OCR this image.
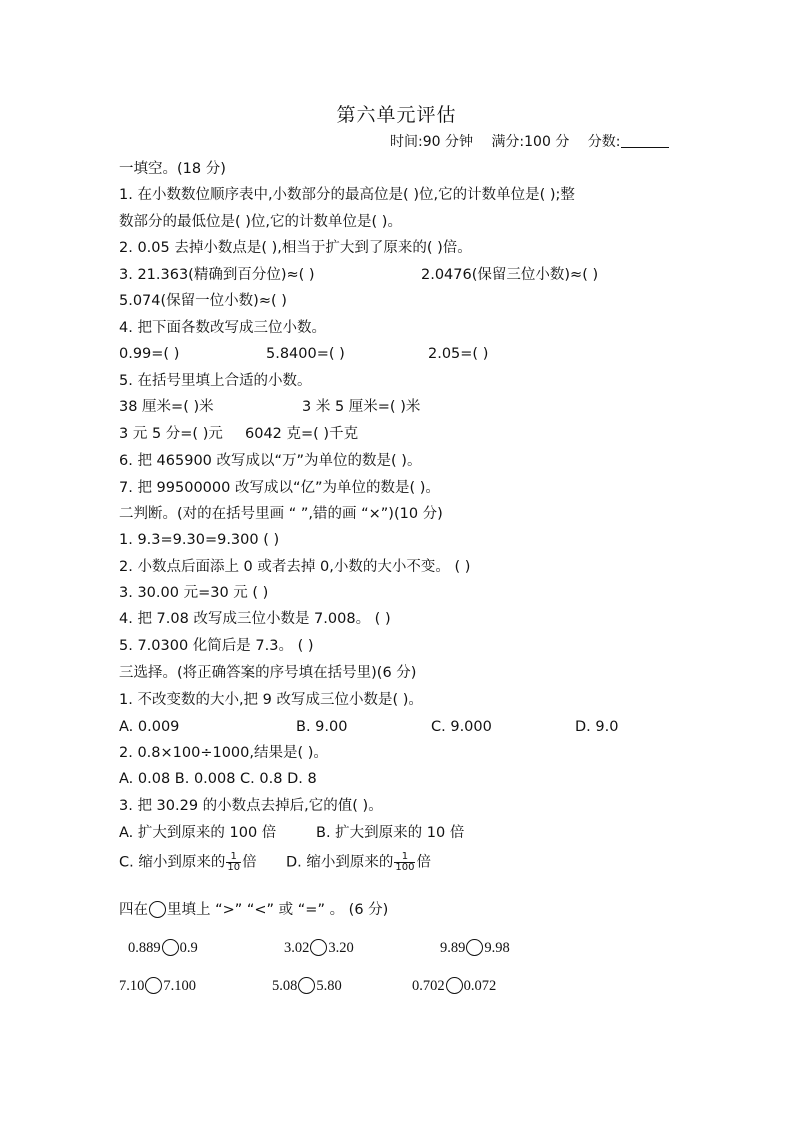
第六单元评估
时间:90 分钟 满分:100 分 分数:
一填空。(18 分)
1. 在小数数位顺序表中,小数部分的最高位是( )位,它的计数单位是( );整
数部分的最低位是( )位,它的计数单位是( )。
2. 0.05 去掉小数点是( ),相当于扩大到了原来的( )倍。
3. 21.363(精确到百分位)≈( )	2.0476(保留三位小数)≈( )
5.074(保留一位小数)≈( )
4. 把下面各数改写成三位小数。
0.99=( )	5.8400=( )	2.05=( )
5. 在括号里填上合适的小数。
38 厘米=( )米	3 米 5 厘米=( )米
3 元 5 分=( )元 6042 克=( )千克
6. 把 465900 改写成以“万”为单位的数是( )。
7. 把 99500000 改写成以“亿”为单位的数是( )。
二判断。(对的在括号里画 “ ”,错的画 “×”)(10 分)
1. 9.3=9.30=9.300 ( )
2. 小数点后面添上 0 或者去掉 0,小数的大小不变。 ( )
3. 30.00 元=30 元 ( )
4. 把 7.08 改写成三位小数是 7.008。 ( )
5. 7.0300 化简后是 7.3。 ( )
三选择。(将正确答案的序号填在括号里)(6 分)
1. 不改变数的大小,把 9 改写成三位小数是( )。
A. 0.009	B. 9.00	C. 9.000	D. 9.0
2. 0.8×100÷1000,结果是( )。
A. 0.08 B. 0.008 C. 0.8 D. 8
3. 把 30.29 的小数点去掉后,它的值( )。
A. 扩大到原来的 100 倍	B. 扩大到原来的 10 倍
C. 缩小到原来的 $\frac{1}{10}$ 倍 D. 缩小到原来的 $\frac{1}{100}$ 倍
四在 里填上 “>” “<” 或 “=” 。 (6 分)
0.889 0.9	3.02 3.20	9.89 9.98
7.10 7.100	5.08 5.80	0.702 0.072
